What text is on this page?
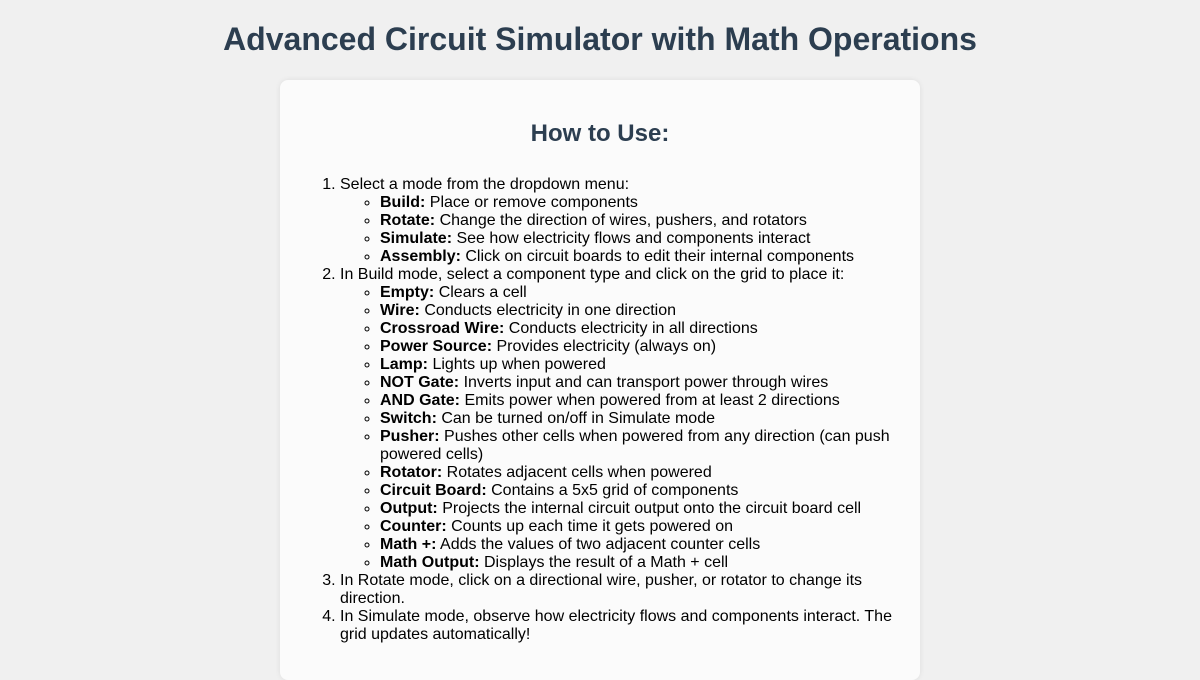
Advanced Circuit Simulator with Math Operations
How to Use:
1. Select a mode from the dropdown menu:
◦ Build: Place or remove components
◦ Rotate: Change the direction of wires, pushers, and rotators
◦ Simulate: See how electricity flows and components interact
◦ Assembly: Click on circuit boards to edit their internal components
2. In Build mode, select a component type and click on the grid to place it:
◦ Empty: Clears a cell
◦ Wire: Conducts electricity in one direction
◦ Crossroad Wire: Conducts electricity in all directions
◦ Power Source: Provides electricity (always on)
◦ Lamp: Lights up when powered
◦ NOT Gate: Inverts input and can transport power through wires
◦ AND Gate: Emits power when powered from at least 2 directions
◦ Switch: Can be turned on/off in Simulate mode
◦ Pusher: Pushes other cells when powered from any direction (can push powered cells)
◦ Rotator: Rotates adjacent cells when powered
◦ Circuit Board: Contains a 5x5 grid of components
◦ Output: Projects the internal circuit output onto the circuit board cell
◦ Counter: Counts up each time it gets powered on
◦ Math +: Adds the values of two adjacent counter cells
◦ Math Output: Displays the result of a Math + cell
3. In Rotate mode, click on a directional wire, pusher, or rotator to change its direction.
4. In Simulate mode, observe how electricity flows and components interact. The grid updates automatically!
